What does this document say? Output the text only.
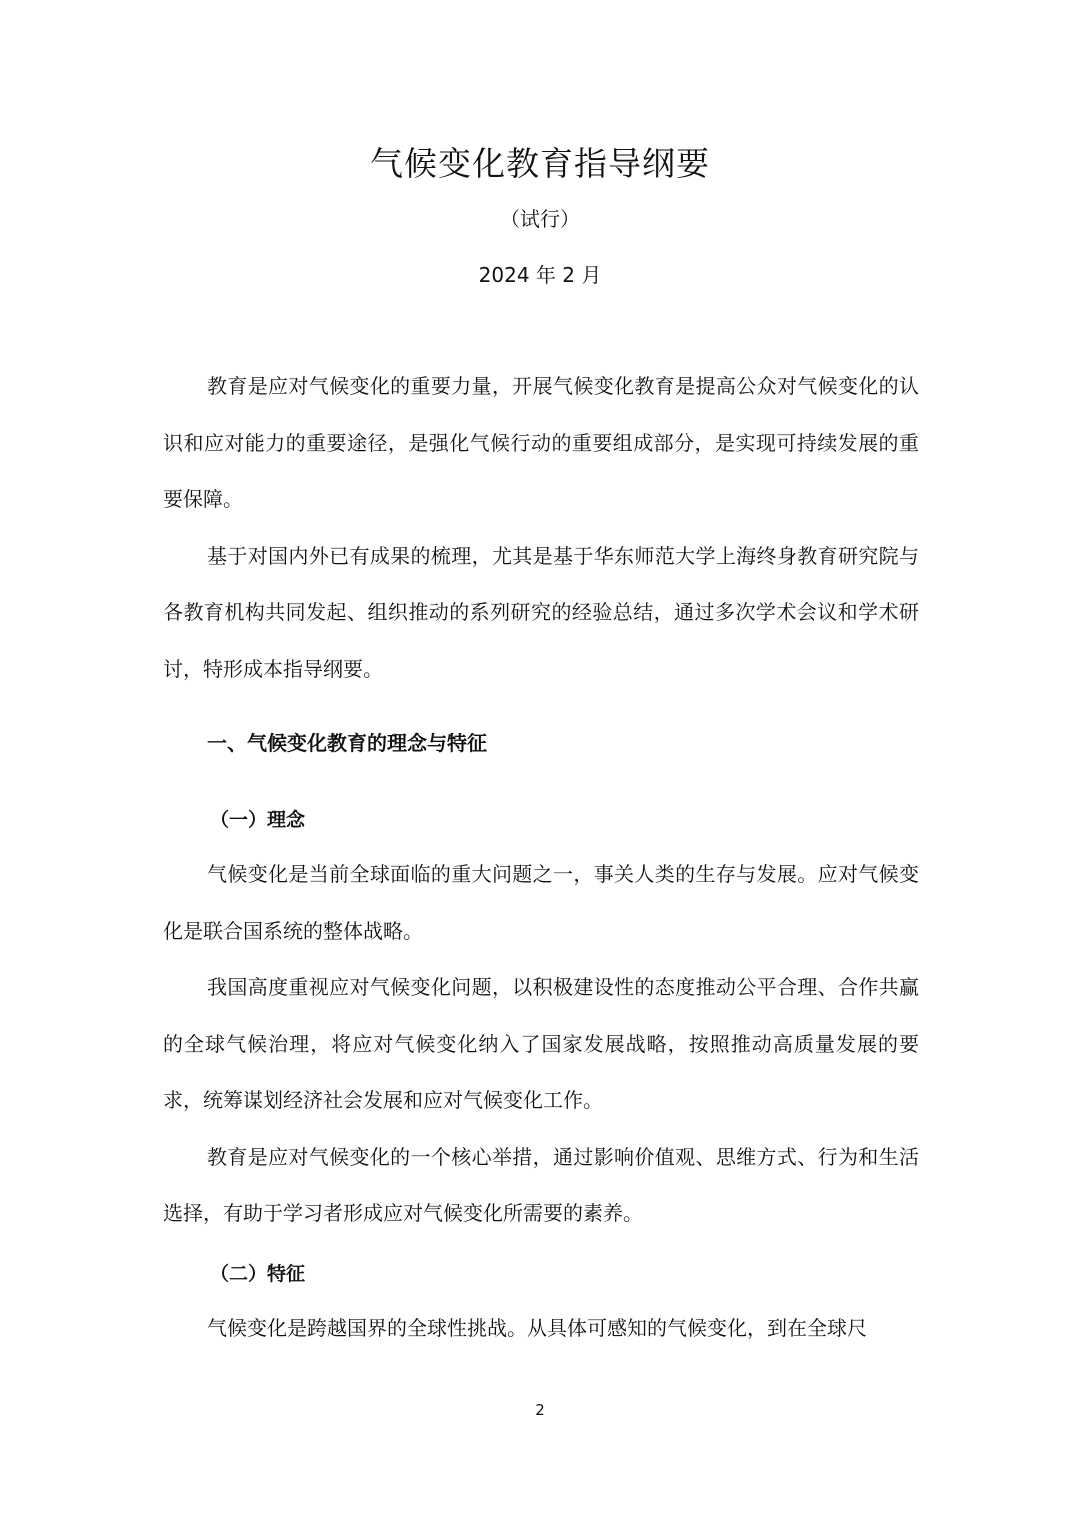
气候变化教育指导纲要

（试行）

2024 年 2 月

教育是应对气候变化的重要力量，开展气候变化教育是提高公众对气候变化的认识和应对能力的重要途径，是强化气候行动的重要组成部分，是实现可持续发展的重要保障。

基于对国内外已有成果的梳理，尤其是基于华东师范大学上海终身教育研究院与各教育机构共同发起、组织推动的系列研究的经验总结，通过多次学术会议和学术研讨，特形成本指导纲要。

一、气候变化教育的理念与特征
（一）理念

气候变化是当前全球面临的重大问题之一，事关人类的生存与发展。应对气候变化是联合国系统的整体战略。

我国高度重视应对气候变化问题，以积极建设性的态度推动公平合理、合作共赢的全球气候治理，将应对气候变化纳入了国家发展战略，按照推动高质量发展的要求，统筹谋划经济社会发展和应对气候变化工作。

教育是应对气候变化的一个核心举措，通过影响价值观、思维方式、行为和生活选择，有助于学习者形成应对气候变化所需要的素养。

（二）特征

气候变化是跨越国界的全球性挑战。从具体可感知的气候变化，到在全球尺

2
